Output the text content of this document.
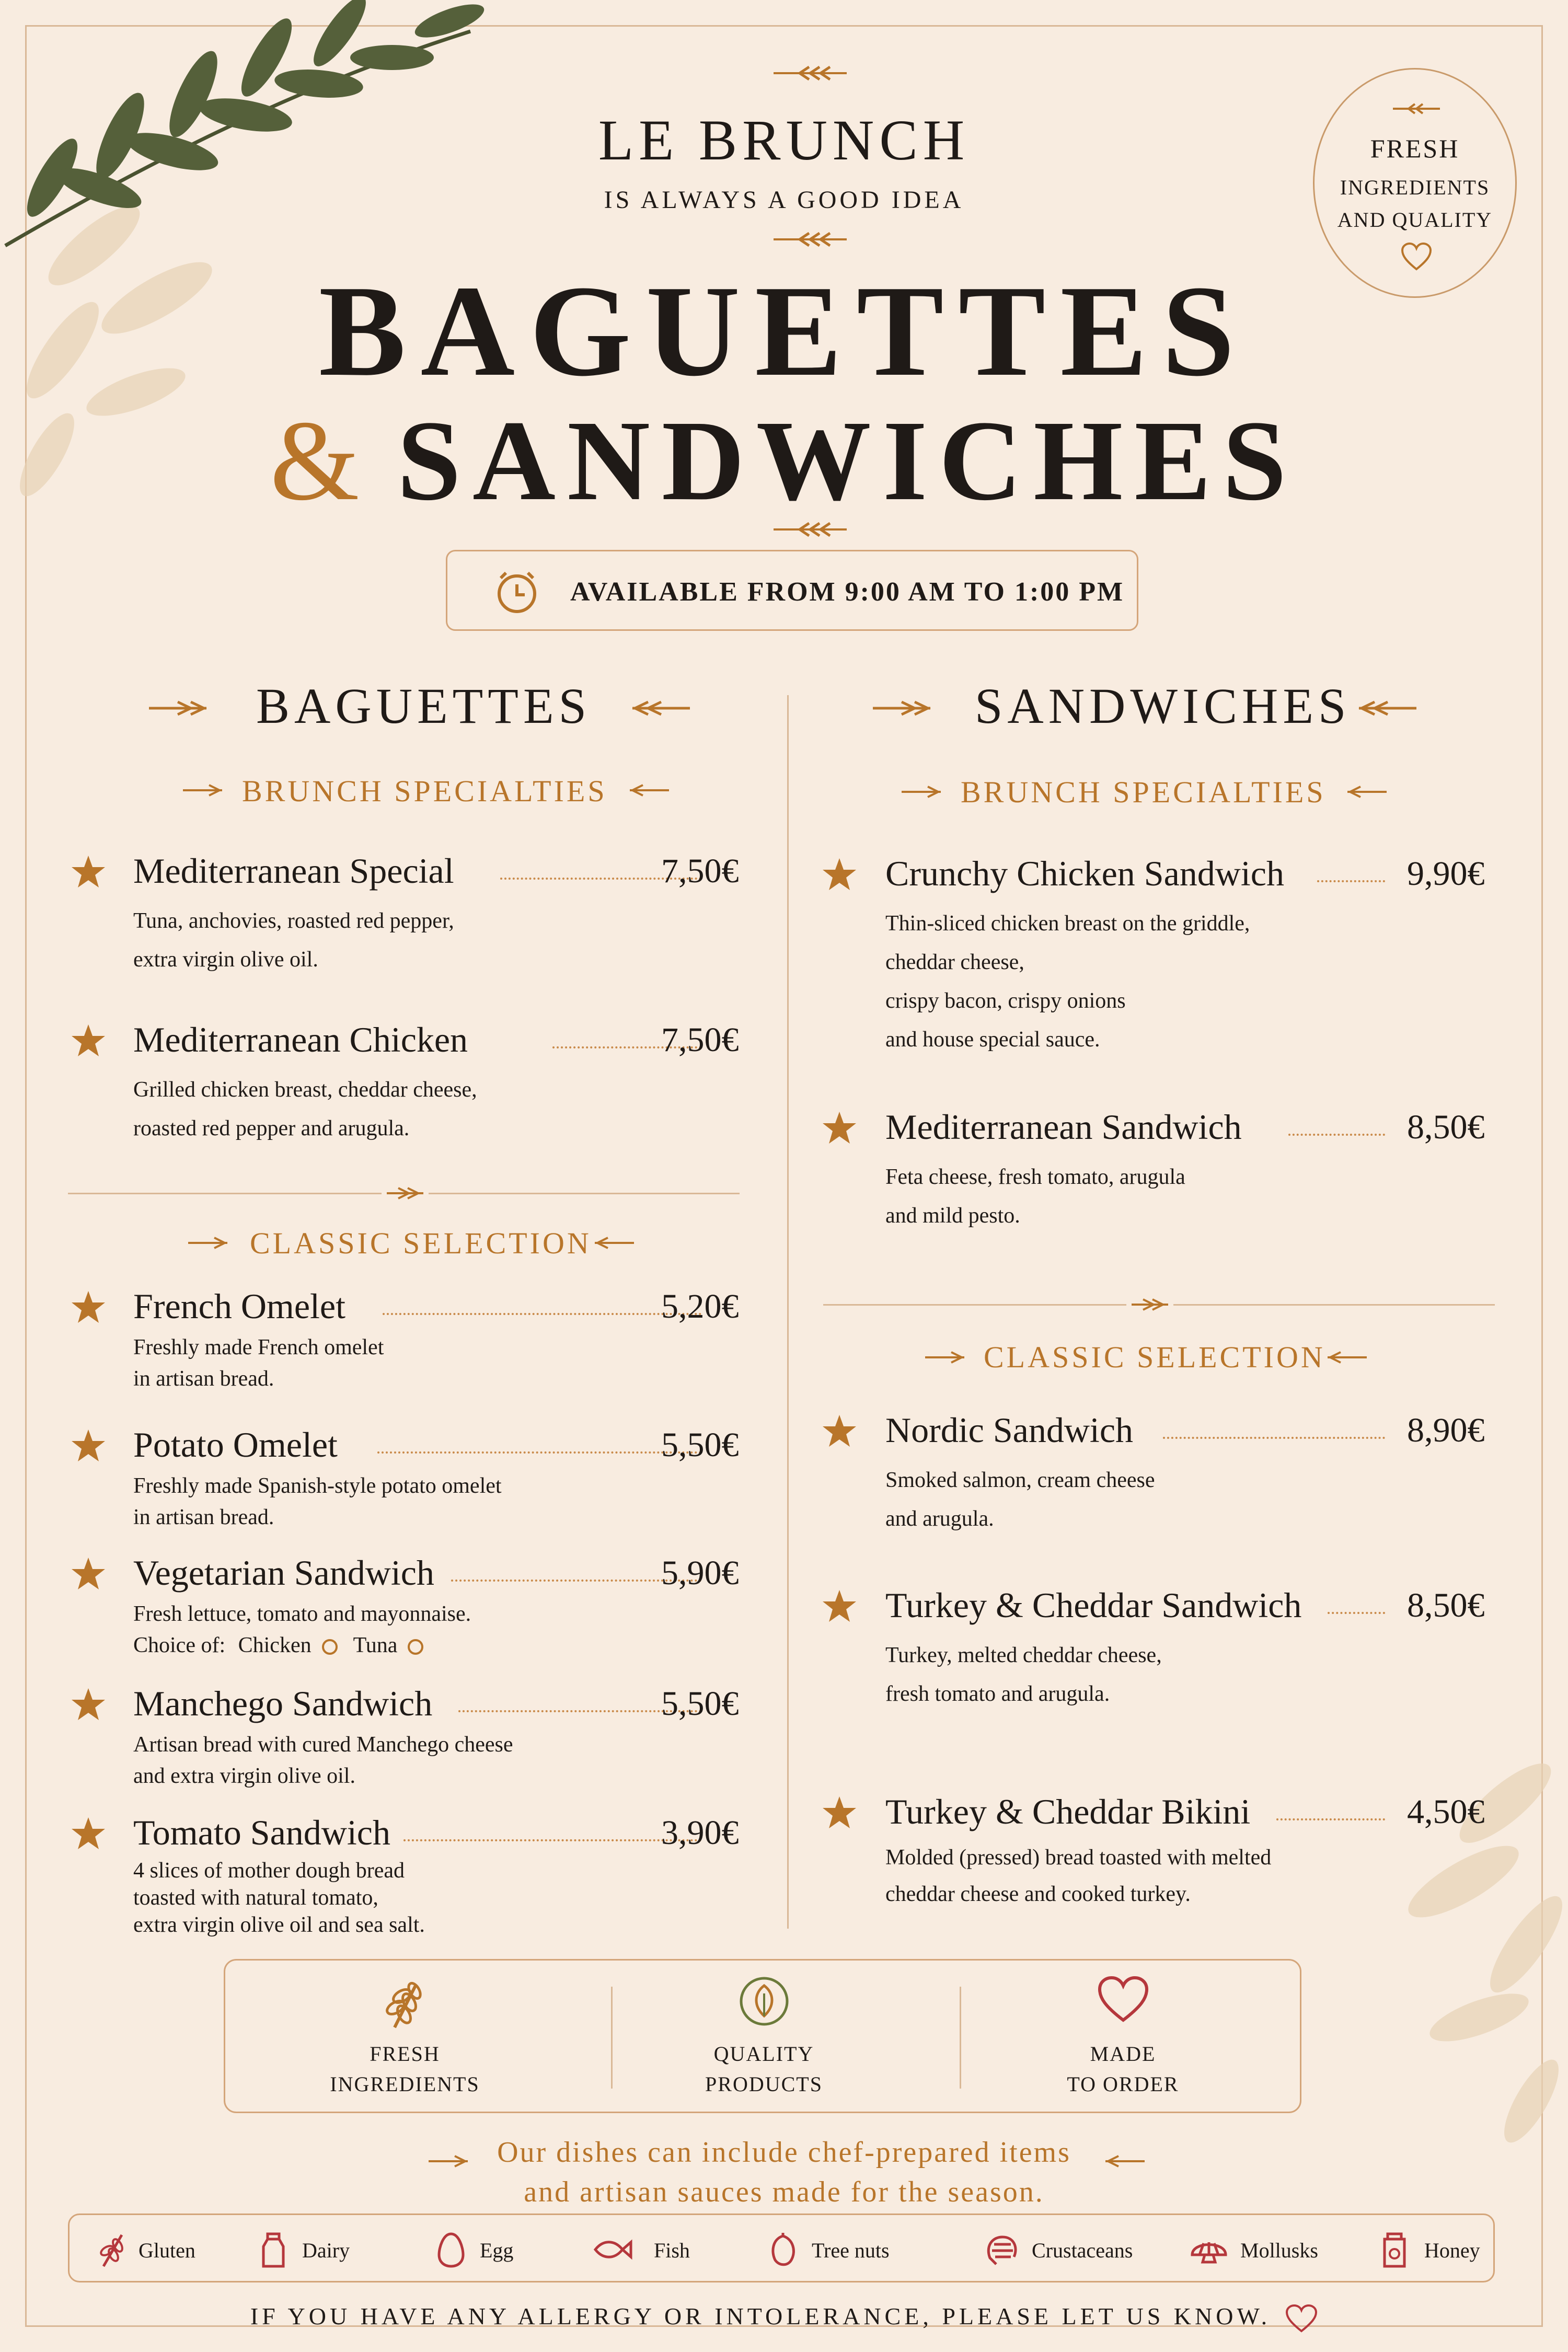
LE BRUNCH
IS ALWAYS A GOOD IDEA
BAGUETTES
& SANDWICHES
FRESH
INGREDIENTS
AND QUALITY
AVAILABLE FROM 9:00 AM TO 1:00 PM
BAGUETTES	SANDWICHES
BRUNCH SPECIALTIES
Mediterranean Special	7,50€
Tuna, anchovies, roasted red pepper,
extra virgin olive oil.
Mediterranean Chicken	7,50€
Grilled chicken breast, cheddar cheese,
roasted red pepper and arugula.
CLASSIC SELECTION
French Omelet	5,20€
Freshly made French omelet
in artisan bread.
Potato Omelet	5,50€
Freshly made Spanish-style potato omelet
in artisan bread.
Vegetarian Sandwich	5,90€
Fresh lettuce, tomato and mayonnaise.
Choice of: Chicken Tuna
Manchego Sandwich	5,50€
Artisan bread with cured Manchego cheese
and extra virgin olive oil.
Tomato Sandwich	3,90€
4 slices of mother dough bread
toasted with natural tomato,
extra virgin olive oil and sea salt.
BRUNCH SPECIALTIES
Crunchy Chicken Sandwich	9,90€
Thin-sliced chicken breast on the griddle,
cheddar cheese,
crispy bacon, crispy onions
and house special sauce.
Mediterranean Sandwich	8,50€
Feta cheese, fresh tomato, arugula
and mild pesto.
CLASSIC SELECTION
Nordic Sandwich	8,90€
Smoked salmon, cream cheese
and arugula.
Turkey & Cheddar Sandwich	8,50€
Turkey, melted cheddar cheese,
fresh tomato and arugula.
Turkey & Cheddar Bikini	4,50€
Molded (pressed) bread toasted with melted
cheddar cheese and cooked turkey.
FRESH
INGREDIENTS
QUALITY
PRODUCTS
MADE
TO ORDER
Our dishes can include chef-prepared items
and artisan sauces made for the season.
Gluten	Dairy	Egg	Fish	Tree nuts	Crustaceans	Mollusks	Honey
IF YOU HAVE ANY ALLERGY OR INTOLERANCE, PLEASE LET US KNOW.
